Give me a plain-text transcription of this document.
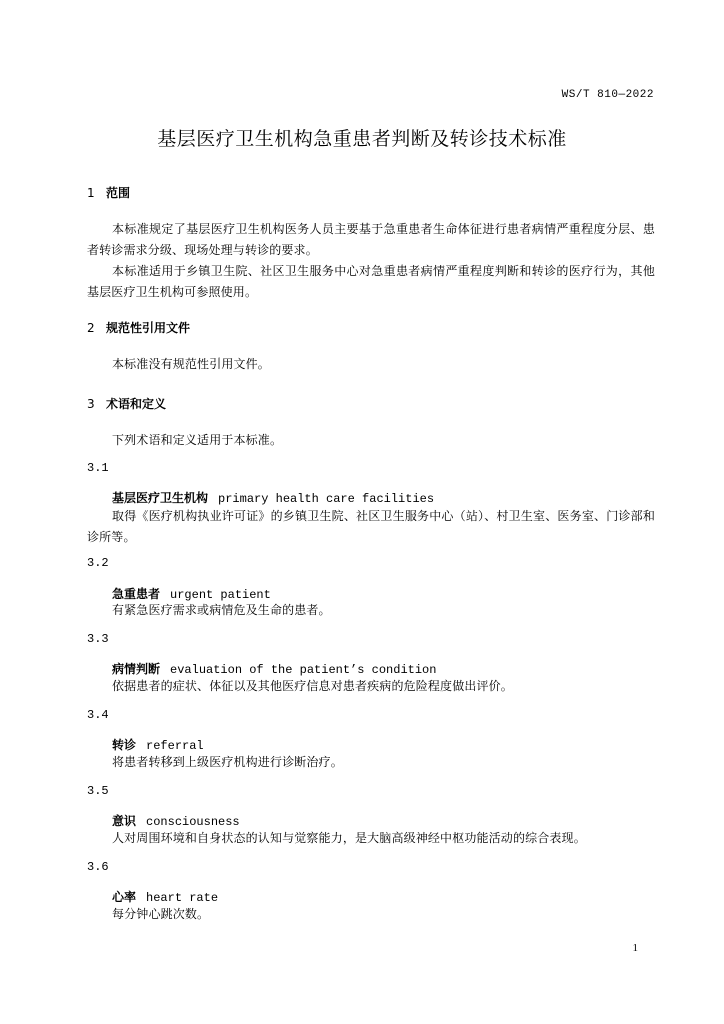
WS/T 810—2022
基层医疗卫生机构急重患者判断及转诊技术标准
1 范围
本标准规定了基层医疗卫生机构医务人员主要基于急重患者生命体征进行患者病情严重程度分层、患者转诊需求分级、现场处理与转诊的要求。
本标准适用于乡镇卫生院、社区卫生服务中心对急重患者病情严重程度判断和转诊的医疗行为，其他基层医疗卫生机构可参照使用。
2 规范性引用文件
本标准没有规范性引用文件。
3 术语和定义
下列术语和定义适用于本标准。
3.1
基层医疗卫生机构 primary health care facilities
取得《医疗机构执业许可证》的乡镇卫生院、社区卫生服务中心（站）、村卫生室、医务室、门诊部和诊所等。
3.2
急重患者 urgent patient
有紧急医疗需求或病情危及生命的患者。
3.3
病情判断 evaluation of the patient’s condition
依据患者的症状、体征以及其他医疗信息对患者疾病的危险程度做出评价。
3.4
转诊 referral
将患者转移到上级医疗机构进行诊断治疗。
3.5
意识 consciousness
人对周围环境和自身状态的认知与觉察能力，是大脑高级神经中枢功能活动的综合表现。
3.6
心率 heart rate
每分钟心跳次数。
1
